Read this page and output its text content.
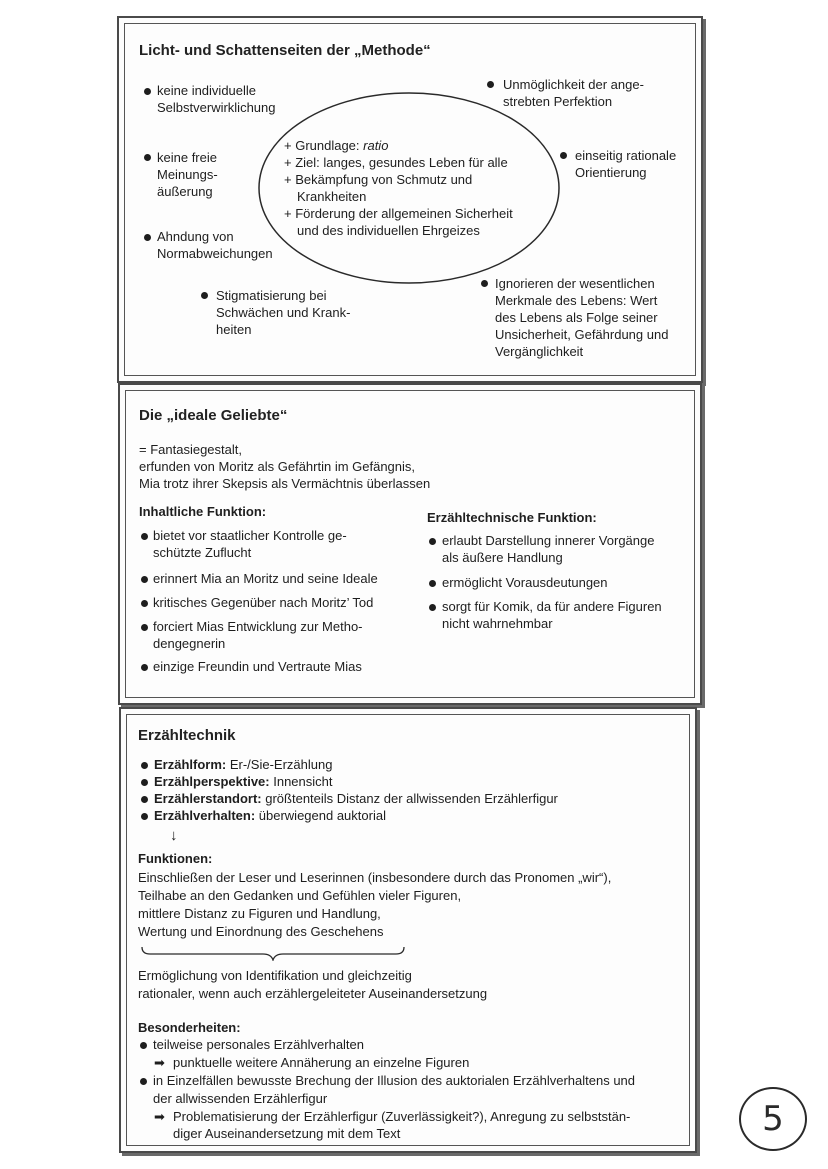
Licht- und Schattenseiten der „Methode“
keine individuelle
Selbstverwirklichung
keine freie
Meinungs-
äußerung
Ahndung von
Normabweichungen
Stigmatisierung bei
Schwächen und Krank-
heiten
Unmöglichkeit der ange-
strebten Perfektion
einseitig rationale
Orientierung
Ignorieren der wesentlichen
Merkmale des Lebens: Wert
des Lebens als Folge seiner
Unsicherheit, Gefährdung und
Vergänglichkeit
+ Grundlage: ratio
+ Ziel: langes, gesundes Leben für alle
+ Bekämpfung von Schmutz und
Krankheiten
+ Förderung der allgemeinen Sicherheit
und des individuellen Ehrgeizes
Die „ideale Geliebte“
= Fantasiegestalt,
erfunden von Moritz als Gefährtin im Gefängnis,
Mia trotz ihrer Skepsis als Vermächtnis überlassen
Inhaltliche Funktion:
bietet vor staatlicher Kontrolle ge-
schützte Zuflucht
erinnert Mia an Moritz und seine Ideale
kritisches Gegenüber nach Moritz’ Tod
forciert Mias Entwicklung zur Metho-
dengegnerin
einzige Freundin und Vertraute Mias
Erzähltechnische Funktion:
erlaubt Darstellung innerer Vorgänge
als äußere Handlung
ermöglicht Vorausdeutungen
sorgt für Komik, da für andere Figuren
nicht wahrnehmbar
Erzähltechnik
Erzählform: Er-/Sie-Erzählung
Erzählperspektive: Innensicht
Erzählerstandort: größtenteils Distanz der allwissenden Erzählerfigur
Erzählverhalten: überwiegend auktorial
↓
Funktionen:
Einschließen der Leser und Leserinnen (insbesondere durch das Pronomen „wir“),
Teilhabe an den Gedanken und Gefühlen vieler Figuren,
mittlere Distanz zu Figuren und Handlung,
Wertung und Einordnung des Geschehens
Ermöglichung von Identifikation und gleichzeitig
rationaler, wenn auch erzählergeleiteter Auseinandersetzung
Besonderheiten:
teilweise personales Erzählverhalten
➡ punktuelle weitere Annäherung an einzelne Figuren
in Einzelfällen bewusste Brechung der Illusion des auktorialen Erzählverhaltens und
der allwissenden Erzählerfigur
➡ Problematisierung der Erzählerfigur (Zuverlässigkeit?), Anregung zu selbststän-
diger Auseinandersetzung mit dem Text	5
